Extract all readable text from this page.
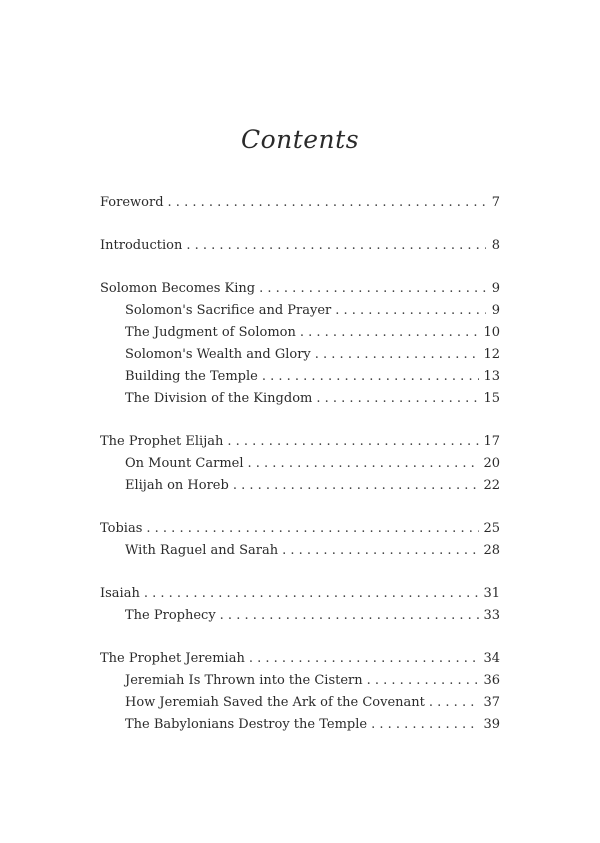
Contents
Foreword . . .	7
Introduction . . .	8
Solomon Becomes King . . .	9
Solomon's Sacrifice and Prayer . . .	9
The Judgment of Solomon . . .	10
Solomon's Wealth and Glory . . .	12
Building the Temple . . .	13
The Division of the Kingdom . . .	15
The Prophet Elijah . . .	17
On Mount Carmel . . .	20
Elijah on Horeb . . .	22
Tobias . . .	25
With Raguel and Sarah . . .	28
Isaiah . . .	31
The Prophecy . . .	33
The Prophet Jeremiah . . .	34
Jeremiah Is Thrown into the Cistern . . .	36
How Jeremiah Saved the Ark of the Covenant . . .	37
The Babylonians Destroy the Temple . . .	39
